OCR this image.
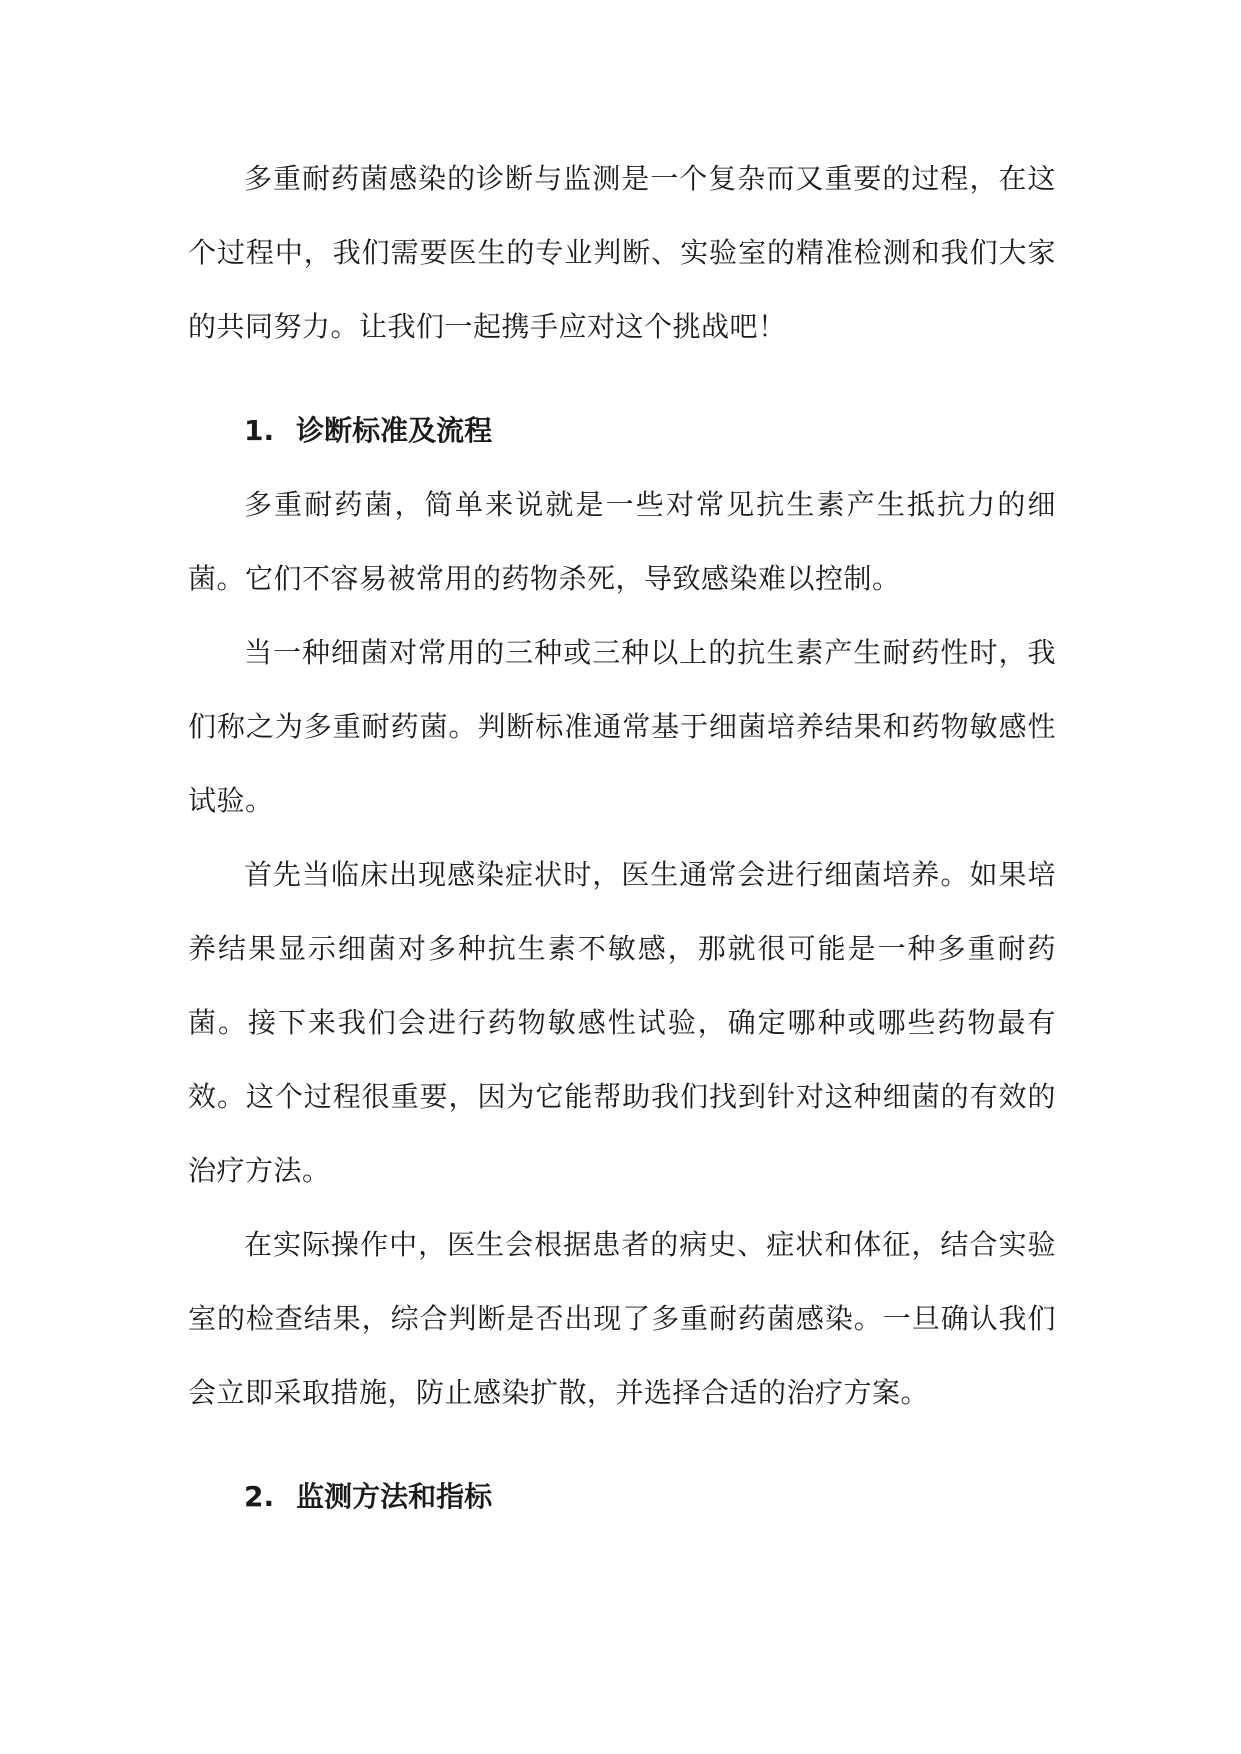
多重耐药菌感染的诊断与监测是一个复杂而又重要的过程，在这个过程中，我们需要医生的专业判断、实验室的精准检测和我们大家的共同努力。让我们一起携手应对这个挑战吧！

1. 诊断标准及流程

多重耐药菌，简单来说就是一些对常见抗生素产生抵抗力的细菌。它们不容易被常用的药物杀死，导致感染难以控制。

当一种细菌对常用的三种或三种以上的抗生素产生耐药性时，我们称之为多重耐药菌。判断标准通常基于细菌培养结果和药物敏感性试验。

首先当临床出现感染症状时，医生通常会进行细菌培养。如果培养结果显示细菌对多种抗生素不敏感，那就很可能是一种多重耐药菌。接下来我们会进行药物敏感性试验，确定哪种或哪些药物最有效。这个过程很重要，因为它能帮助我们找到针对这种细菌的有效的治疗方法。

在实际操作中，医生会根据患者的病史、症状和体征，结合实验室的检查结果，综合判断是否出现了多重耐药菌感染。一旦确认我们会立即采取措施，防止感染扩散，并选择合适的治疗方案。

2. 监测方法和指标
